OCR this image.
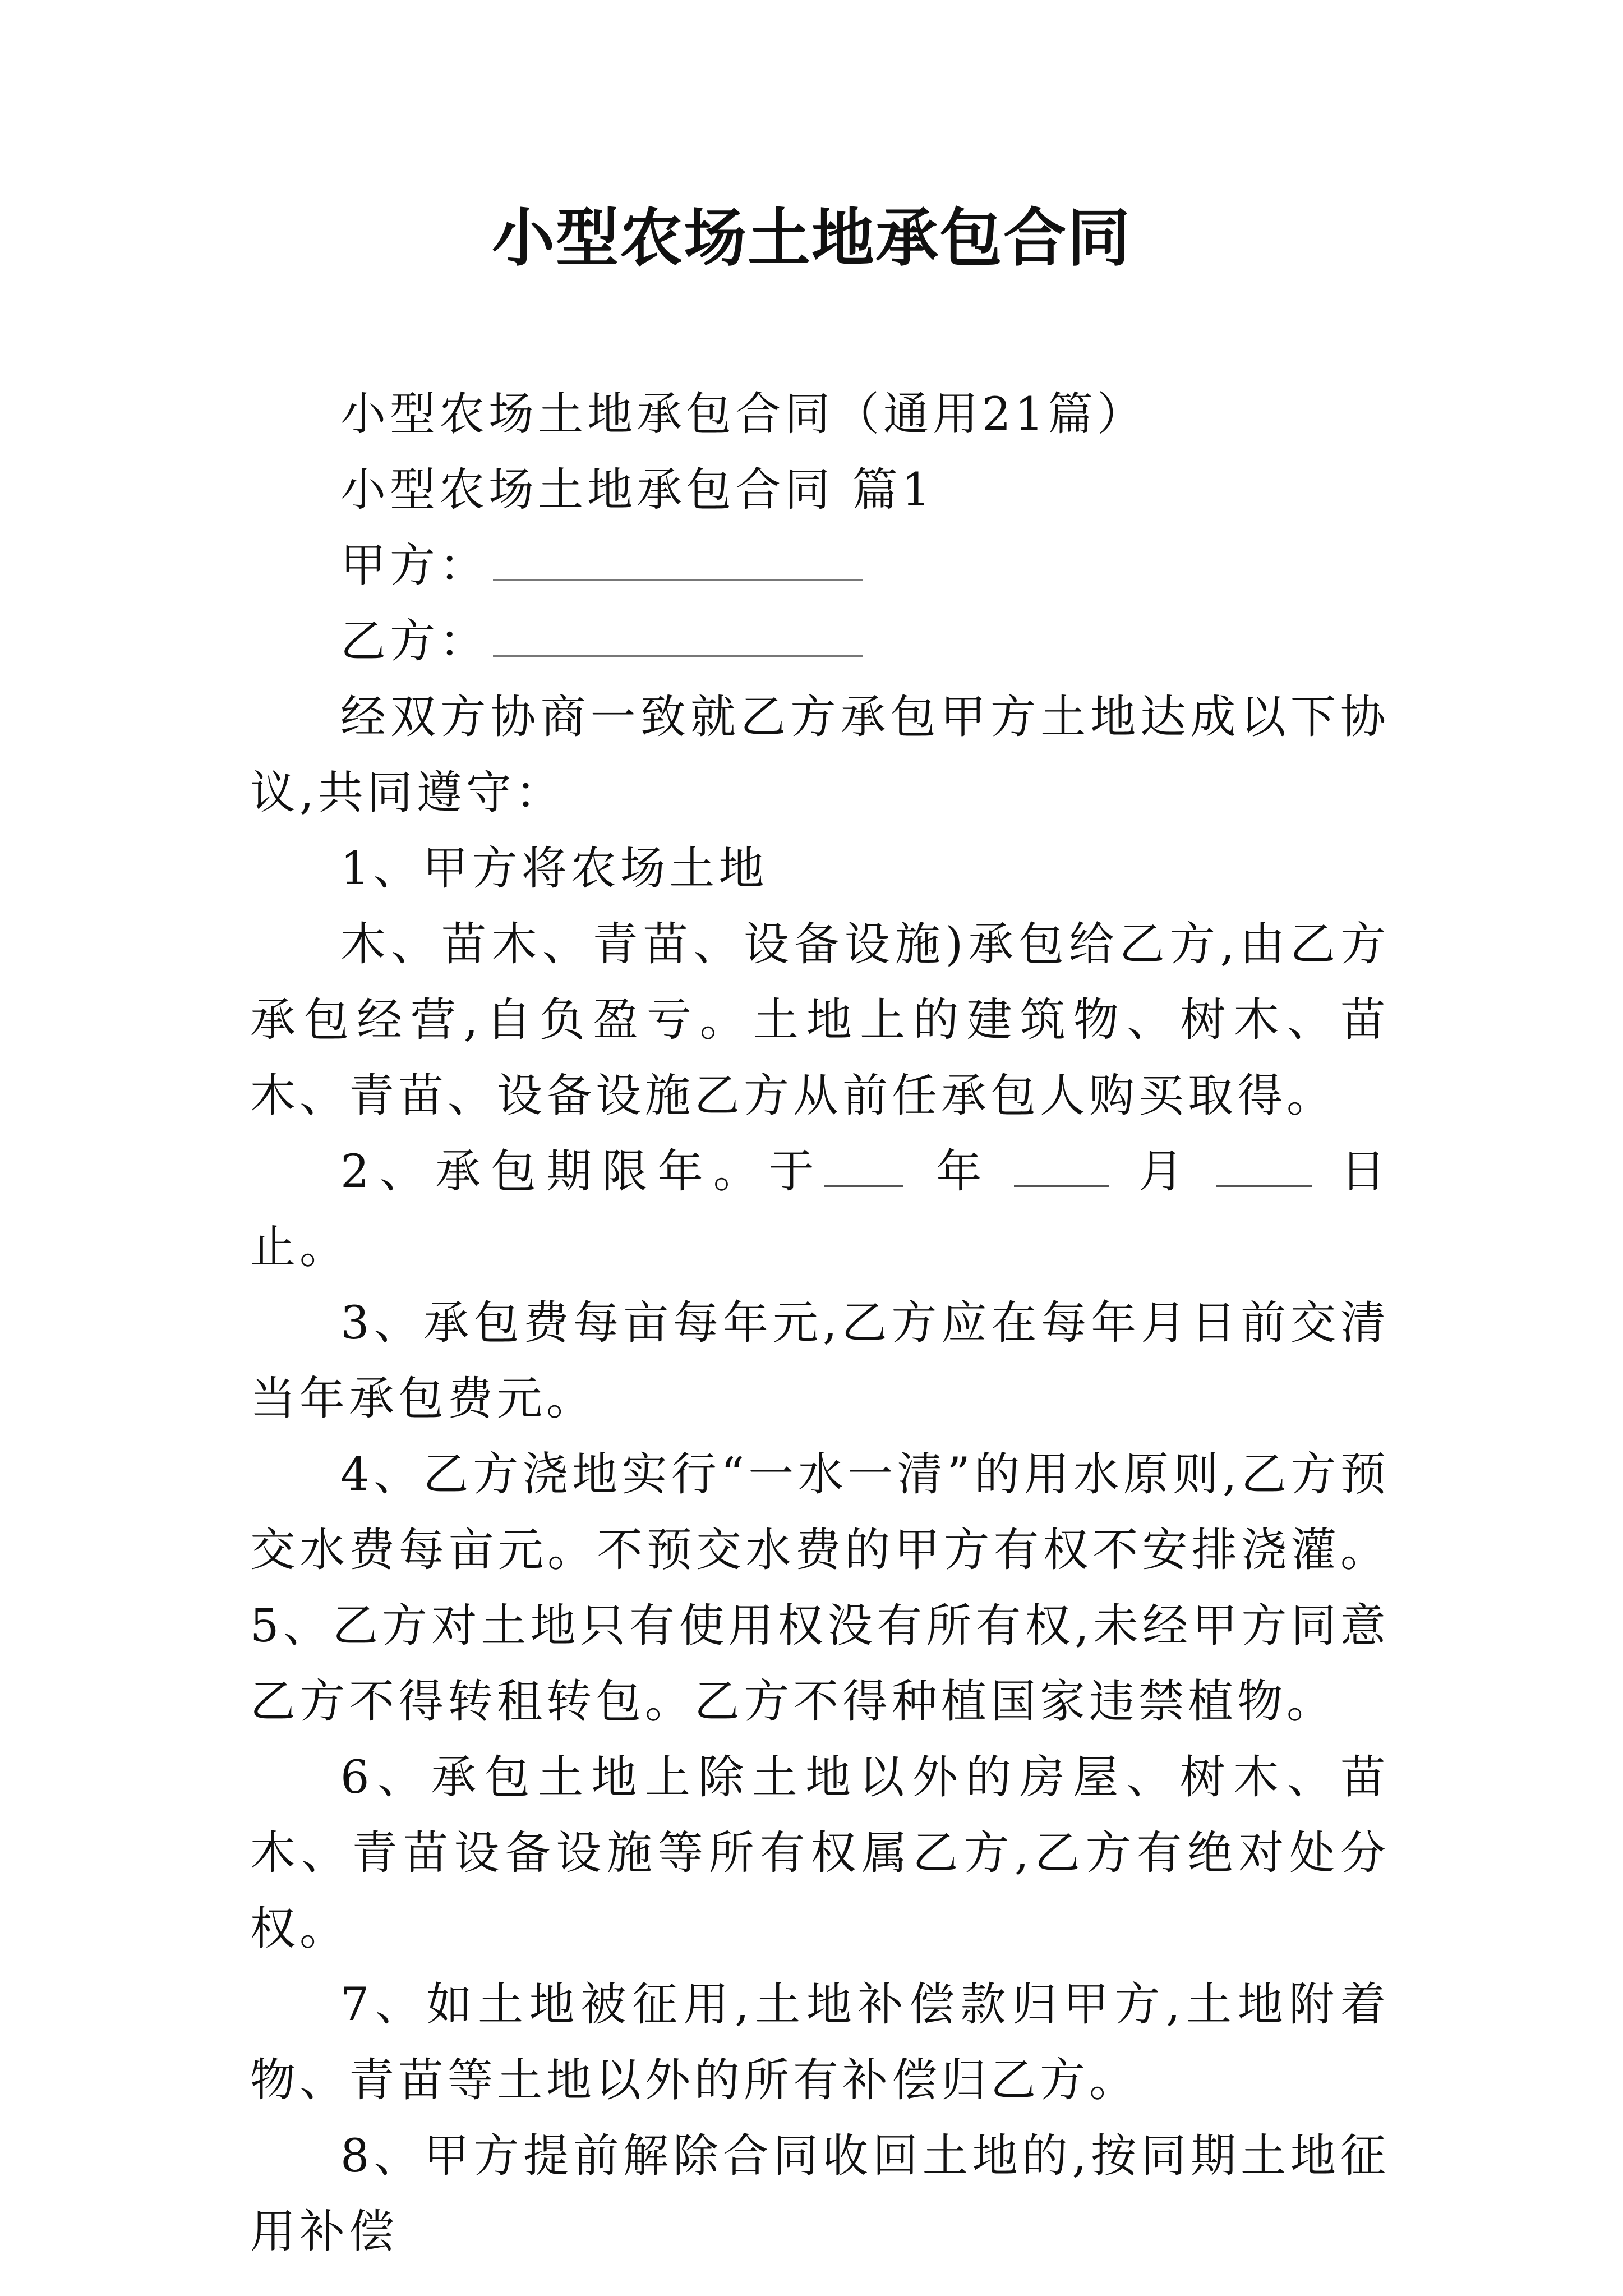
小型农场土地承包合同

小型农场土地承包合同（通用21篇）

小型农场土地承包合同 篇1

甲方：

乙方：

经双方协商一致就乙方承包甲方土地达成以下协议,共同遵守：

1、甲方将农场土地

木、苗木、青苗、设备设施)承包给乙方,由乙方承包经营,自负盈亏。土地上的建筑物、树木、苗木、青苗、设备设施乙方从前任承包人购买取得。

2、承包期限年。于 年	月	日止。

3、承包费每亩每年元,乙方应在每年月日前交清当年承包费元。

4、乙方浇地实行“一水一清”的用水原则,乙方预交水费每亩元。不预交水费的甲方有权不安排浇灌。5、乙方对土地只有使用权没有所有权,未经甲方同意乙方不得转租转包。乙方不得种植国家违禁植物。

6、承包土地上除土地以外的房屋、树木、苗木、青苗设备设施等所有权属乙方,乙方有绝对处分权。

7、如土地被征用,土地补偿款归甲方,土地附着物、青苗等土地以外的所有补偿归乙方。

8、甲方提前解除合同收回土地的,按同期土地征用补偿
